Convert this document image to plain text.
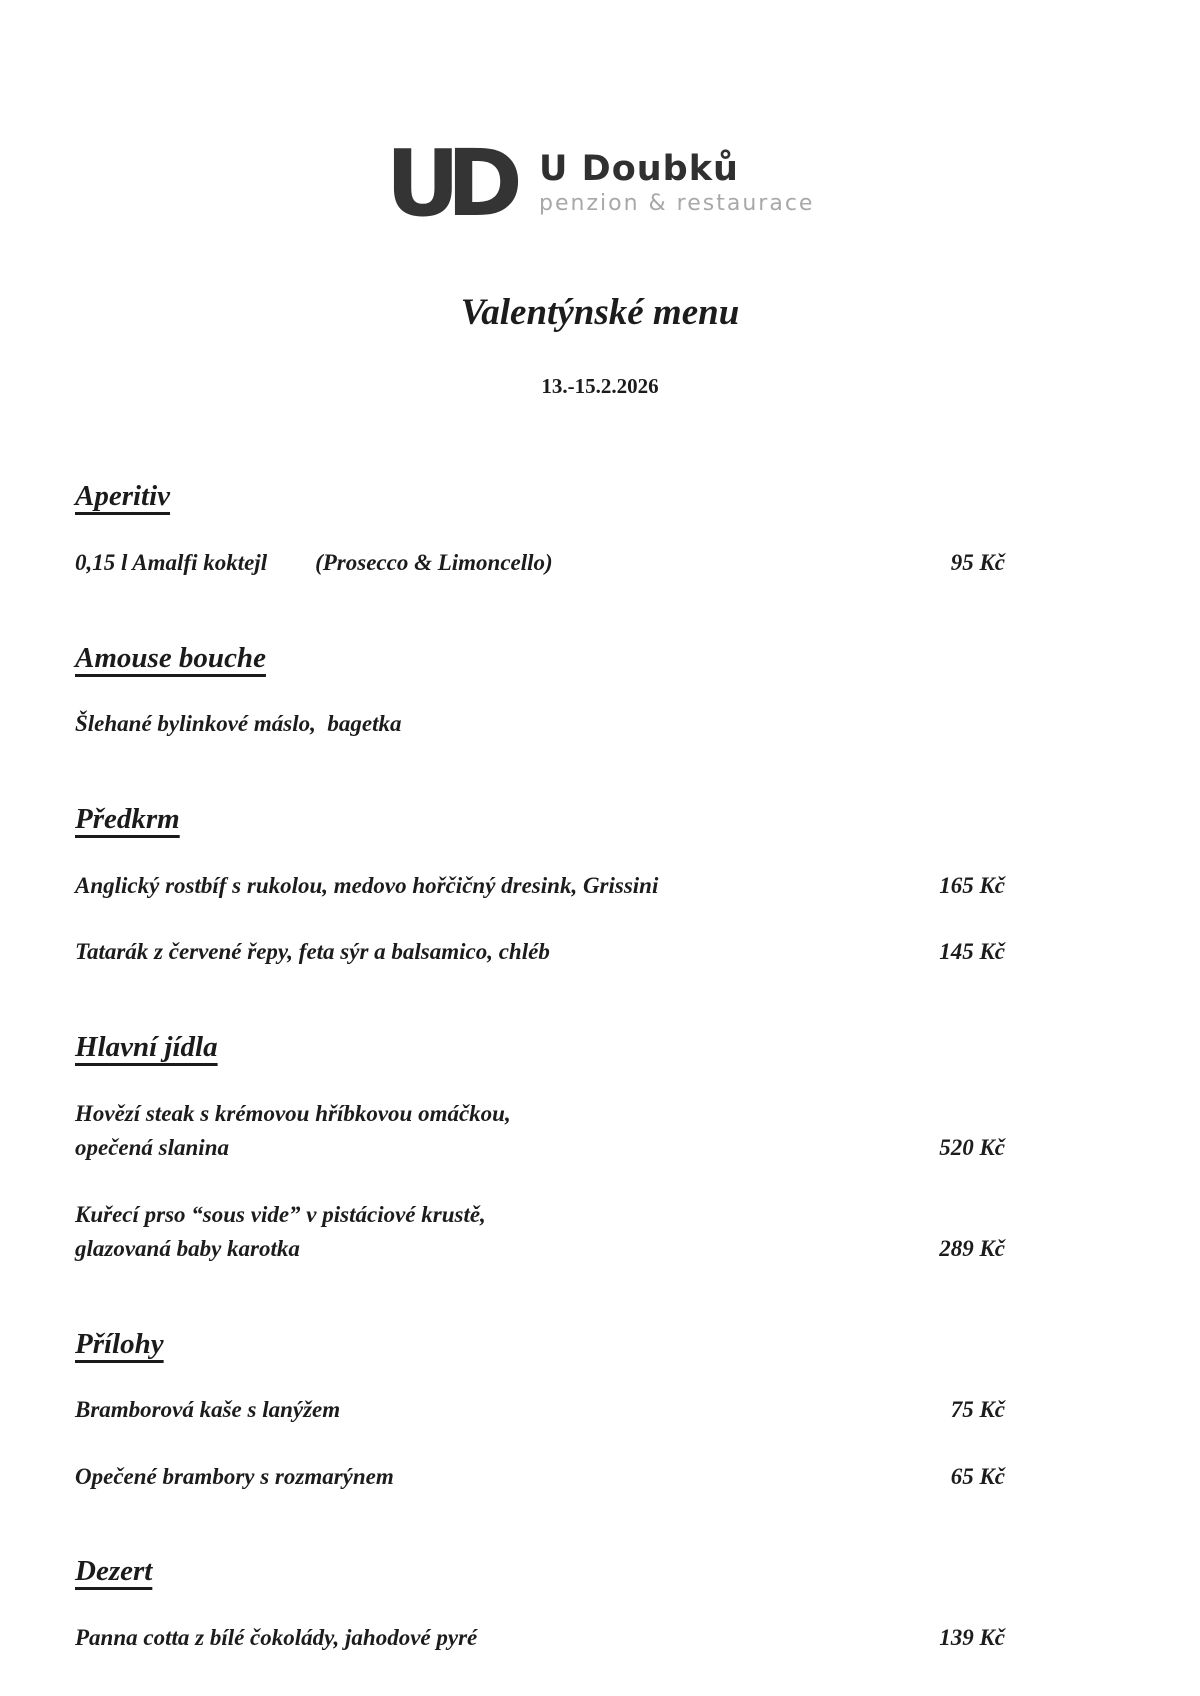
UD U Doubků
penzion & restaurace
Valentýnské menu
13.-15.2.2026
Aperitiv
0,15 l Amalfi koktejl (Prosecco & Limoncello)	95 Kč
Amouse bouche
Šlehané bylinkové máslo,  bagetka
Předkrm
Anglický rostbíf s rukolou, medovo hořčičný dresink, Grissini	165 Kč
Tatarák z červené řepy, feta sýr a balsamico, chléb	145 Kč
Hlavní jídla
Hovězí steak s krémovou hříbkovou omáčkou,
opečená slanina	520 Kč
Kuřecí prso “sous vide” v pistáciové krustě,
glazovaná baby karotka	289 Kč
Přílohy
Bramborová kaše s lanýžem	75 Kč
Opečené brambory s rozmarýnem	65 Kč
Dezert
Panna cotta z bílé čokolády, jahodové pyré	139 Kč
